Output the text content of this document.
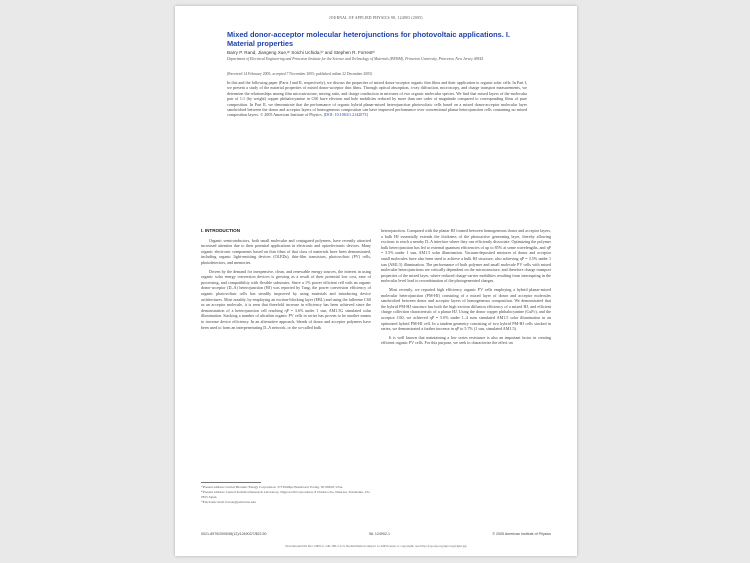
JOURNAL OF APPLIED PHYSICS 98, 124903 (2005)
Mixed donor-acceptor molecular heterojunctions for photovoltaic applications. I. Material properties
Barry P. Rand, Jiangeng Xue,ᵃ⁾ Soichi Uchida,ᵇ⁾ and Stephen R. Forrestᶜ⁾
Department of Electrical Engineering and Princeton Institute for the Science and Technology of Materials (PRISM), Princeton University, Princeton, New Jersey 08544
(Received 14 February 2005; accepted 7 November 2005; published online 22 December 2005)
In this and the following paper (Parts I and II, respectively), we discuss the properties of mixed donor-acceptor organic thin films and their application to organic solar cells. In Part I, we present a study of the material properties of mixed donor-acceptor thin films. Through optical absorption, x-ray diffraction, microscopy, and charge transport measurements, we determine the relationships among film microstructure, mixing ratio, and charge conduction in mixtures of two organic molecular species. We find that mixed layers of the molecular pair of 1:1 (by weight) copper phthalocyanine in C60 have electron and hole mobilities reduced by more than one order of magnitude compared to corresponding films of pure composition. In Part II, we demonstrate that the performance of organic hybrid planar-mixed heterojunction photovoltaic cells based on a mixed donor-acceptor molecular layer sandwiched between the donor and acceptor layers of homogeneous composition can have improved performance over conventional planar heterojunction cells containing no mixed composition layers. © 2005 American Institute of Physics. [DOI: 10.1063/1.2142073]
I. INTRODUCTION

Organic semiconductors, both small molecular and conjugated polymers, have recently attracted increased attention due to their potential applications in electronic and optoelectronic devices. Many organic electronic components based on thin films of that class of materials have been demonstrated, including organic light-emitting devices (OLEDs), thin-film transistors, photovoltaic (PV) cells, photodetectors, and memories.

Driven by the demand for inexpensive, clean, and renewable energy sources, the interest in using organic solar energy conversion devices is growing as a result of their potential low cost, ease of processing, and compatibility with flexible substrates. Since a 1% power efficient cell with an organic donor-acceptor (D–A) heterojunction (HJ) was reported by Tang, the power conversion efficiency of organic photovoltaic cells has steadily improved by using materials and introducing device architectures. Most notably, by employing an exciton-blocking layer (EBL) and using the fullerene C60 as an acceptor molecule, it is seen that threefold increase in efficiency has been achieved since the demonstration of a heterojunction cell reaching ηP = 3.6% under 1 sun, AM1.5G simulated solar illumination. Stacking a number of ultrathin organic PV cells in series has proven to be another means to increase device efficiency. In an alternative approach, blends of donor and acceptor polymers have been used to form an interpenetrating D–A network, or the so-called bulk

heterojunction. Compared with the planar HJ formed between homogeneous donor and acceptor layers, a bulk HJ essentially extends the thickness of the photoactive generating layer, thereby allowing excitons to reach a nearby D–A interface where they can efficiently dissociate. Optimizing the polymer bulk heterojunction has led to external quantum efficiencies of up to 85% at some wavelengths, and ηP = 3.5% under 1 sun, AM1.5 solar illumination. Vacuum-deposited mixtures of donor and acceptor small molecules have also been used to achieve a bulk HJ structure, also achieving ηP = 3.5% under 1 sun (AM1.5) illumination. The performance of both polymer and small molecule PV cells with mixed molecular heterojunctions are critically dependent on the microstructure, and therefore charge transport properties of the mixed layer, where reduced charge-carrier mobilities resulting from interrupting in the molecular level lead to recombination of the photogenerated charges.

Most recently, we reported high efficiency organic PV cells employing a hybrid planar-mixed molecular heterojunction (PM-HJ) consisting of a mixed layer of donor and acceptor molecules sandwiched between donor and acceptor layers of homogeneous composition. We demonstrated that the hybrid PM-HJ structure has both the high exciton diffusion efficiency of a mixed HJ, and efficient charge collection characteristic of a planar HJ. Using the donor copper phthalocyanine (CuPc), and the acceptor C60, we achieved ηP = 5.0% under 1–4 suns simulated AM1.5 solar illumination in an optimized hybrid PM-HJ cell. In a tandem geometry consisting of two hybrid PM-HJ cells stacked in series, we demonstrated a further increase in ηP to 5.7% (1 sun, simulated AM1.5).

It is well known that maintaining a low series resistance is also an important factor in creating efficient organic PV cells. For this purpose, we seek to characterize the effect on

ᵃ⁾Present address: Global Photonic Energy Corporation, 373 Phillips Boulevard, Ewing, NJ 08618, USA.
ᵇ⁾Present address: Central Technical Research Laboratory, Nippon Oil Corporation, 8 Chidori-cho, Naka-ku, Yokohama, 231-0815 Japan.
ᶜ⁾Electronic mail: forrest@princeton.edu
0021-8979/2005/98(12)/124902/7/$22.50	98, 124902-1	© 2005 American Institute of Physics
Downloaded 06 Dec 2009 to 140.180.2.113. Redistribution subject to AIP license or copyright; see http://jap.aip.org/jap/copyright.jsp
